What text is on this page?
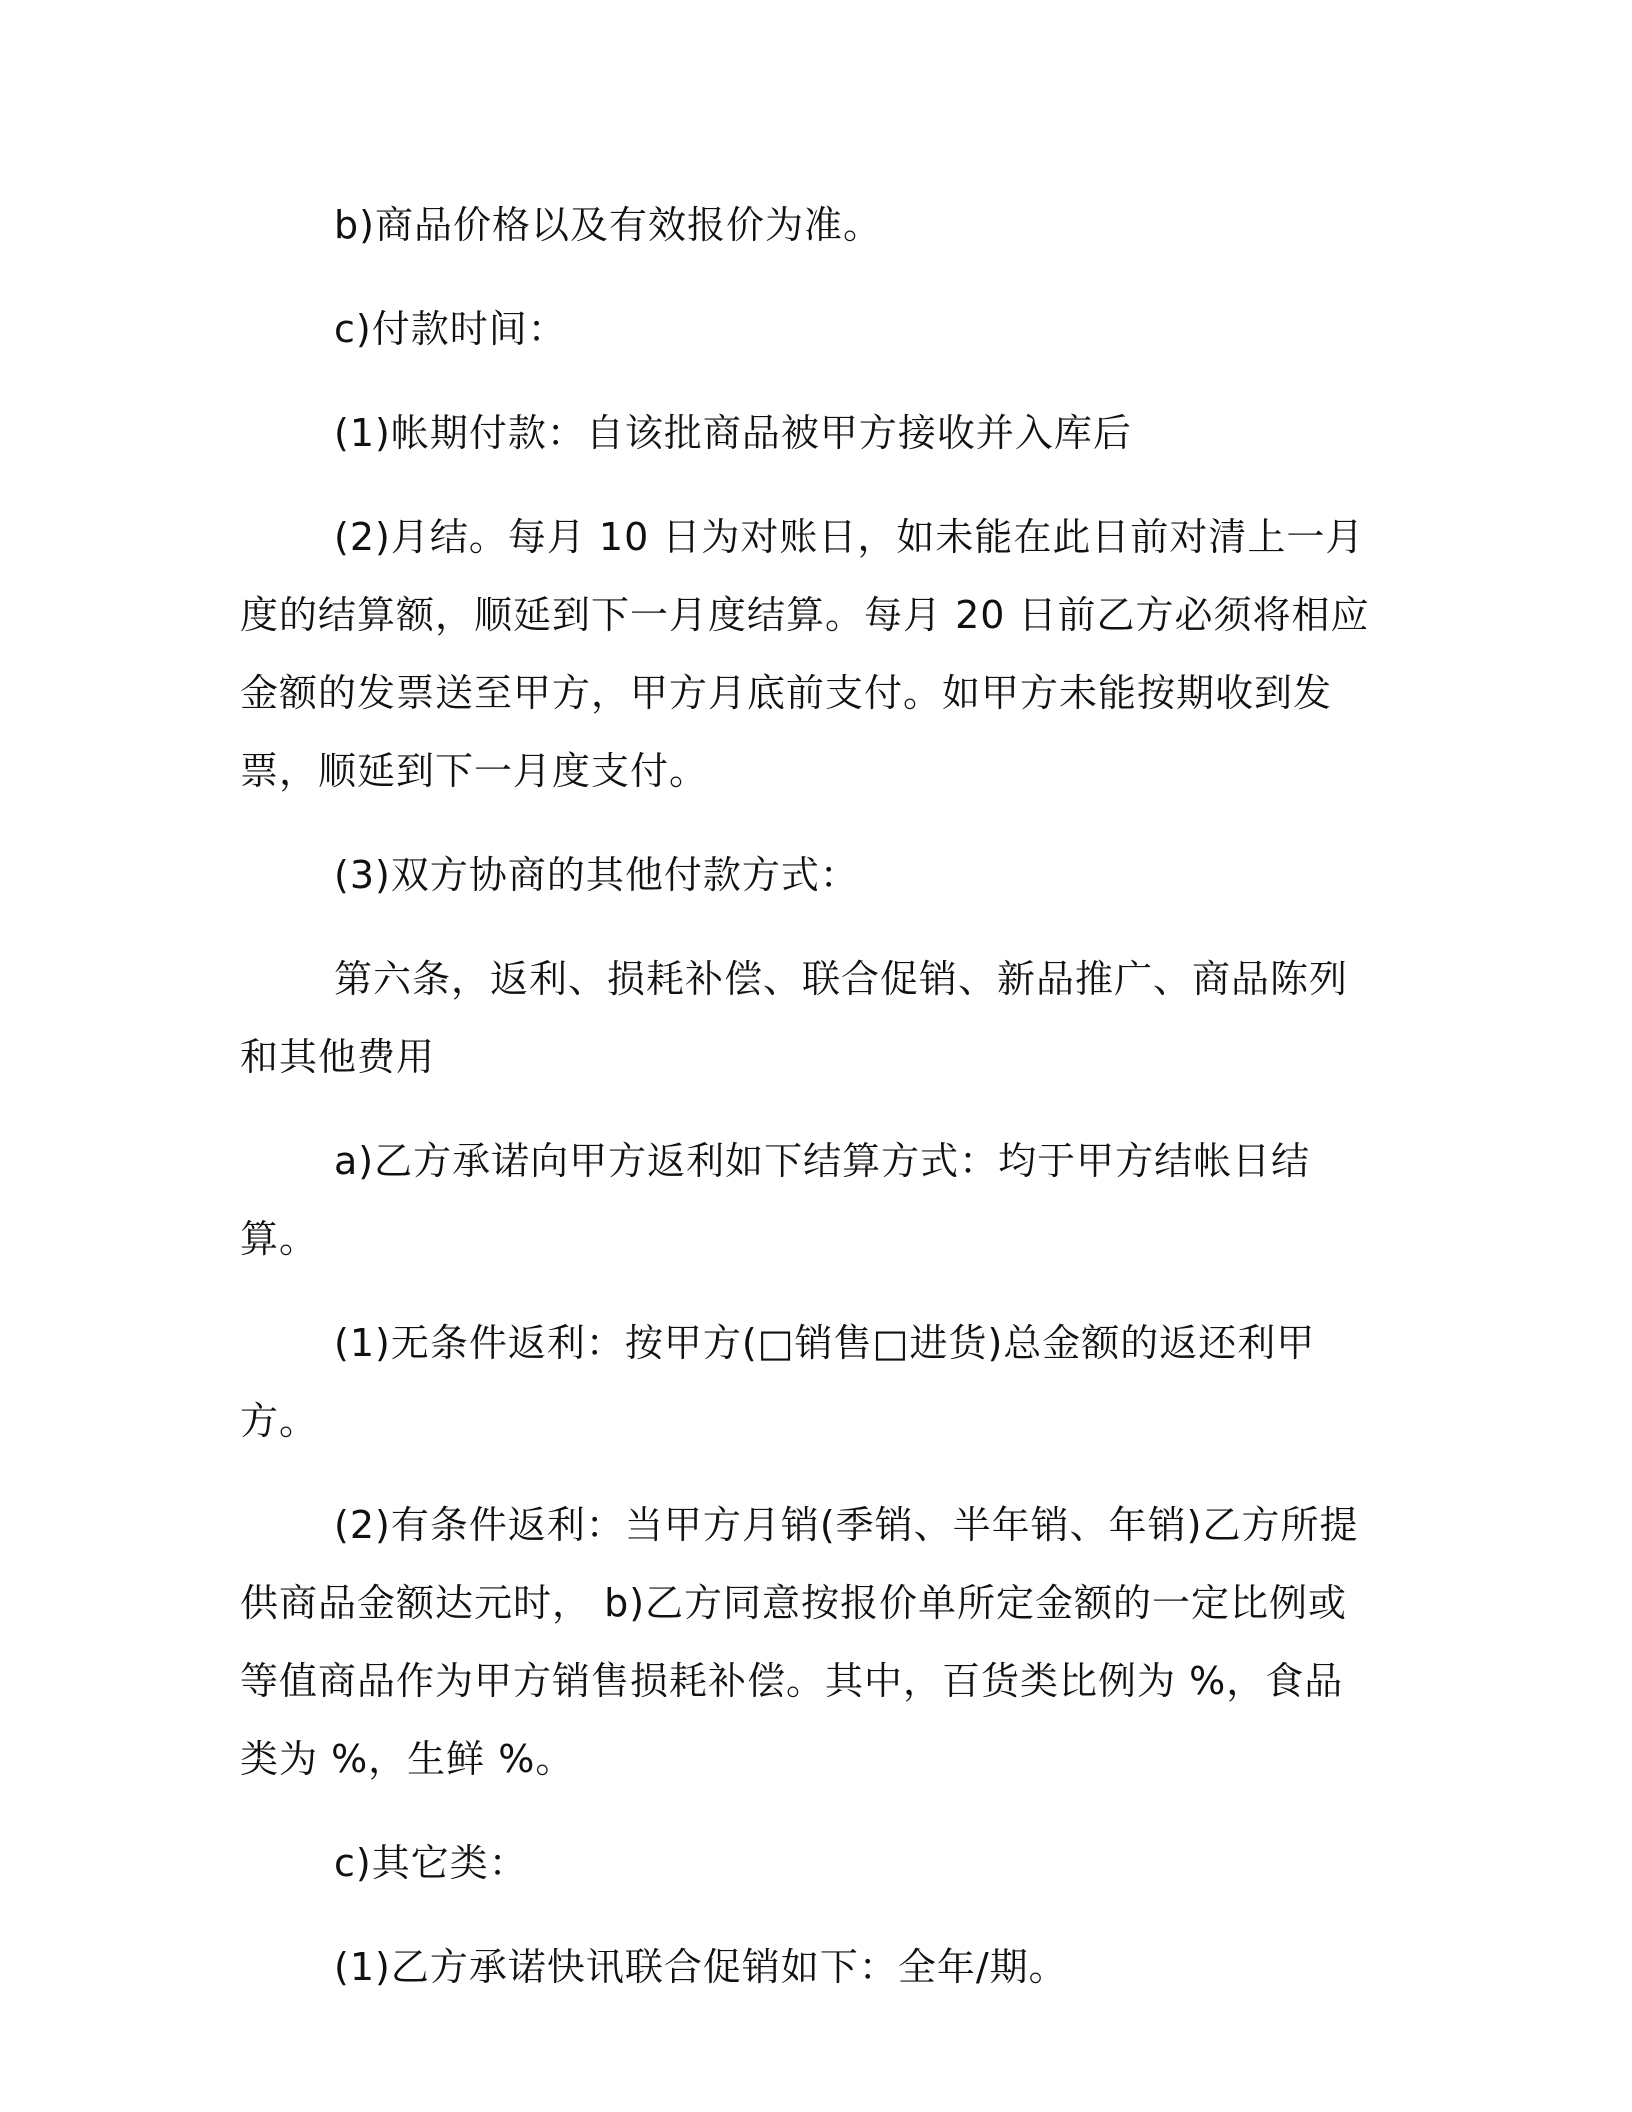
b)商品价格以及有效报价为准。

c)付款时间：

(1)帐期付款：自该批商品被甲方接收并入库后

(2)月结。每月 10 日为对账日，如未能在此日前对清上一月度的结算额，顺延到下一月度结算。每月 20 日前乙方必须将相应金额的发票送至甲方，甲方月底前支付。如甲方未能按期收到发票，顺延到下一月度支付。

(3)双方协商的其他付款方式：

第六条，返利、损耗补偿、联合促销、新品推广、商品陈列和其他费用

a)乙方承诺向甲方返利如下结算方式：均于甲方结帐日结算。

(1)无条件返利：按甲方(□销售□进货)总金额的返还利甲方。

(2)有条件返利：当甲方月销(季销、半年销、年销)乙方所提供商品金额达元时， b)乙方同意按报价单所定金额的一定比例或等值商品作为甲方销售损耗补偿。其中，百货类比例为 %，食品类为 %，生鲜 %。

c)其它类：

(1)乙方承诺快讯联合促销如下：全年/期。
